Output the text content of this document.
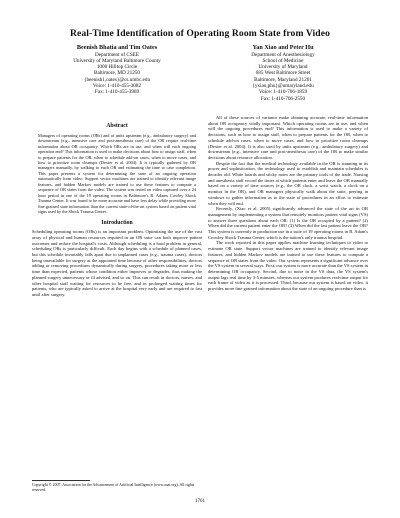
Real-Time Identification of Operating Room State from Video
Beenish Bhatia and Tim Oates
Department of CSEE
University of Maryland Baltimore County
1000 Hilltop Circle
Baltimore, MD 21250
{beenish1,oates}@cs.umbc.edu
Voice: 1-410-455-3082
Fax: 1-410-455-3969
Yan Xiao and Peter Hu
Department of Anesthesiology
School of Medicine
University of Maryland
685 West Baltimore Street
Baltimore, Maryland 21201
{yxiao,phu}@umaryland.edu
Voice: 1-410-706-1859
Fax: 1-410-706-2550
Abstract

Managers of operating rooms (ORs) and of units upstream (e.g., ambulatory surgery) and downstream (e.g., intensive care and post-anesthesia care) of the OR require real-time information about OR occupancy. Which ORs are in use, and when will each ongoing operation end? This information is used to make decisions about how to assign staff, when to prepare patients for the OR, when to schedule add-on cases, when to move cases, and how to prioritize room cleanups (Dexter et al. 2004). It is typically gathered by OR managers manually, by walking to each OR and estimating the time to case completion. This paper presents a system for determining the state of an ongoing operation automatically from video. Support vector machines are trained to identify relevant image features, and hidden Markov models are trained to use these features to compute a sequence of OR states from the video. The system was tested on video captured over a 24 hour period in one of the 19 operating rooms in Baltimore's R. Adams Cowley Shock Trauma Center. It was found to be more accurate and have less delay while providing more fine grained state information than the current state-of-the-art system based on patient vital signs used by the Shock Trauma Center.

Introduction

Scheduling operating rooms (ORs) is an important problem. Optimizing the use of the vast array of physical and human resources required in an OR suite can both improve patient outcomes and reduce the hospital's costs. Although scheduling is a hard problem in general, scheduling ORs is particularly difficult. Each day begins with a schedule of planned cases, but this schedule invariably falls apart due to unplanned cases (e.g., trauma cases), doctors being unavailable for surgery at the appointed time because of other responsibilities, doctors adding or removing procedures dynamically during surgery, procedures taking more or less time than expected, patients whose condition either improves or degrades, thus making the planned surgery unnecessary or ill advised, and so on. This can result in doctors, nurses, and other hospital staff waiting for resources to be free, and in prolonged waiting times for patients, who are typically asked to arrive at the hospital very early and are required to fast until after surgery.

Copyright © 2007, Association for the Advancement of Artificial Intelligence (www.aaai.org). All rights reserved.

All of these sources of variance make obtaining accurate, real-time information about OR occupancy vitally important. Which operating rooms are in use, and when will the ongoing procedures end? This information is used to make a variety of decisions, such as how to assign staff, when to prepare patients for the OR, when to schedule add-on cases, when to move cases, and how to prioritize room cleanups (Dexter et al. 2004). It is also used by units upstream (e.g., ambulatory surgery) and downstream (e.g., intensive care and post-anesthesia care) of the OR to make similar decisions about resource allocation.

Despite the fact that the medical technology available in the OR is stunning in its power and sophistication, the technology used to establish and maintain schedules is decades old. White boards and sticky notes are the primary tools of the trade. Nursing and anesthesia staff record the times at which patients enter and leave the OR manually based on a variety of time sources (e.g., the OR clock, a wrist watch, a clock on a monitor in the OR), and OR managers physically walk about the suite, peering in windows to gather information as to the state of procedures in an effort to estimate when they will end.

Recently, (Xiao et al. 2005) significantly advanced the state of the art in OR management by implementing a system that remotely monitors patient vital signs (VS) to answer three questions about each OR: (1) Is the OR occupied by a patient? (2) When did the current patient enter the OR? (3) When did the last patient leave the OR? This system is currently in production use in a suite of 19 operating rooms in R. Adam's Crowley Shock Trauma Center, which is the nation's only trauma hospital.

The work reported in this paper applies machine learning techniques to video to estimate OR state. Support vector machines are trained to identify relevant image features, and hidden Markov models are trained to use these features to compute a sequence of OR states from the video. Our system represents a significant advance over the VS system in several ways. First, our system is more accurate than the VS system in determining OR occupancy. Second, due to noise in the VS data, the VS system's output lags real time by 3-5 minutes, whereas our system produces real-time output for each frame of video as it is processed. Third, because our system is based on video, it provides more fine grained information about the state of an ongoing procedure than is

1761
